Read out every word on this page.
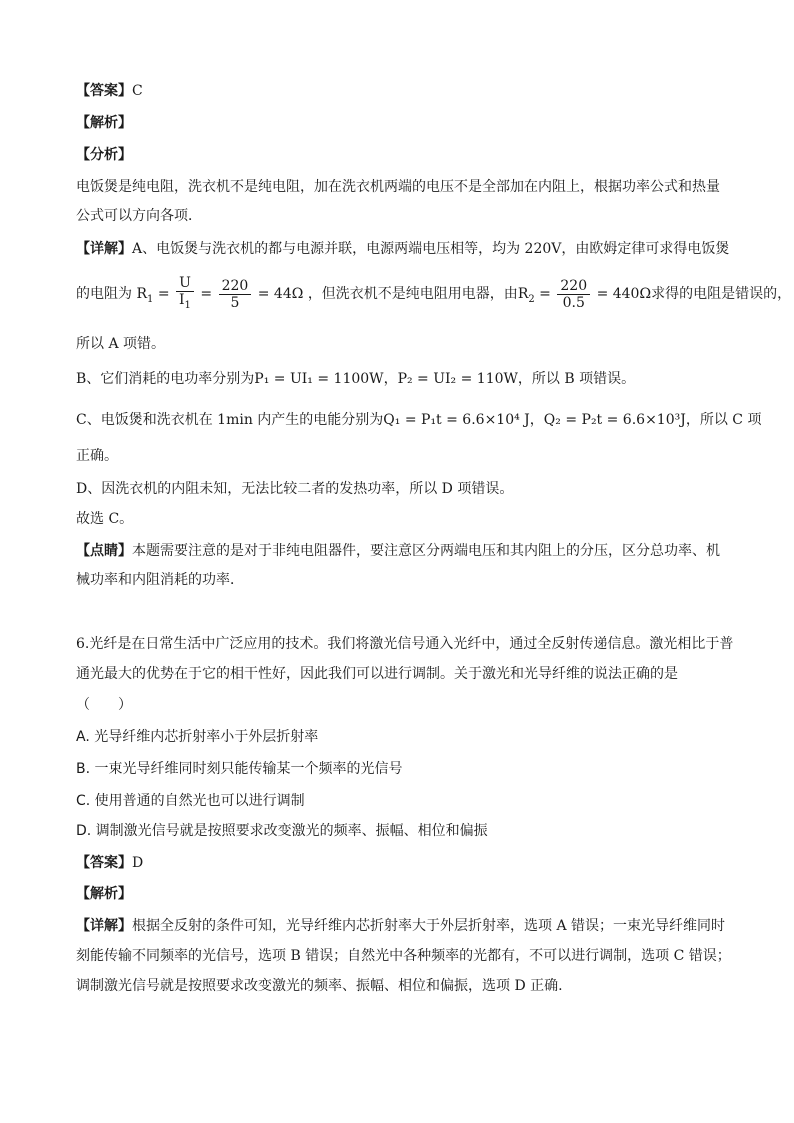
【答案】C
【解析】
【分析】
电饭煲是纯电阻，洗衣机不是纯电阻，加在洗衣机两端的电压不是全部加在内阻上，根据功率公式和热量
公式可以方向各项．
【详解】A、电饭煲与洗衣机的都与电源并联，电源两端电压相等，均为 220V，由欧姆定律可求得电饭煲
的电阻为 $R_1 = \frac{U}{I_1} = \frac{220}{5} = 44\Omega$ ，但洗衣机不是纯电阻用电器，由$R_2 = \frac{220}{0.5} = 440\Omega$求得的电阻是错误的，
所以 A 项错。
B、它们消耗的电功率分别为P₁ = UI₁ = 1100W，P₂ = UI₂ = 110W，所以 B 项错误。
C、电饭煲和洗衣机在 1min 内产生的电能分别为Q₁ = P₁t = 6.6×10⁴ J，Q₂ = P₂t = 6.6×10³J，所以 C 项
正确。
D、因洗衣机的内阻未知，无法比较二者的发热功率，所以 D 项错误。
故选 C。
【点睛】本题需要注意的是对于非纯电阻器件，要注意区分两端电压和其内阻上的分压，区分总功率、机
械功率和内阻消耗的功率．
6.光纤是在日常生活中广泛应用的技术。我们将激光信号通入光纤中，通过全反射传递信息。激光相比于普
通光最大的优势在于它的相干性好，因此我们可以进行调制。关于激光和光导纤维的说法正确的是
（　　）
A. 光导纤维内芯折射率小于外层折射率
B. 一束光导纤维同时刻只能传输某一个频率的光信号
C. 使用普通的自然光也可以进行调制
D. 调制激光信号就是按照要求改变激光的频率、振幅、相位和偏振
【答案】D
【解析】
【详解】根据全反射的条件可知，光导纤维内芯折射率大于外层折射率，选项 A 错误；一束光导纤维同时
刻能传输不同频率的光信号，选项 B 错误；自然光中各种频率的光都有，不可以进行调制，选项 C 错误；
调制激光信号就是按照要求改变激光的频率、振幅、相位和偏振，选项 D 正确.
